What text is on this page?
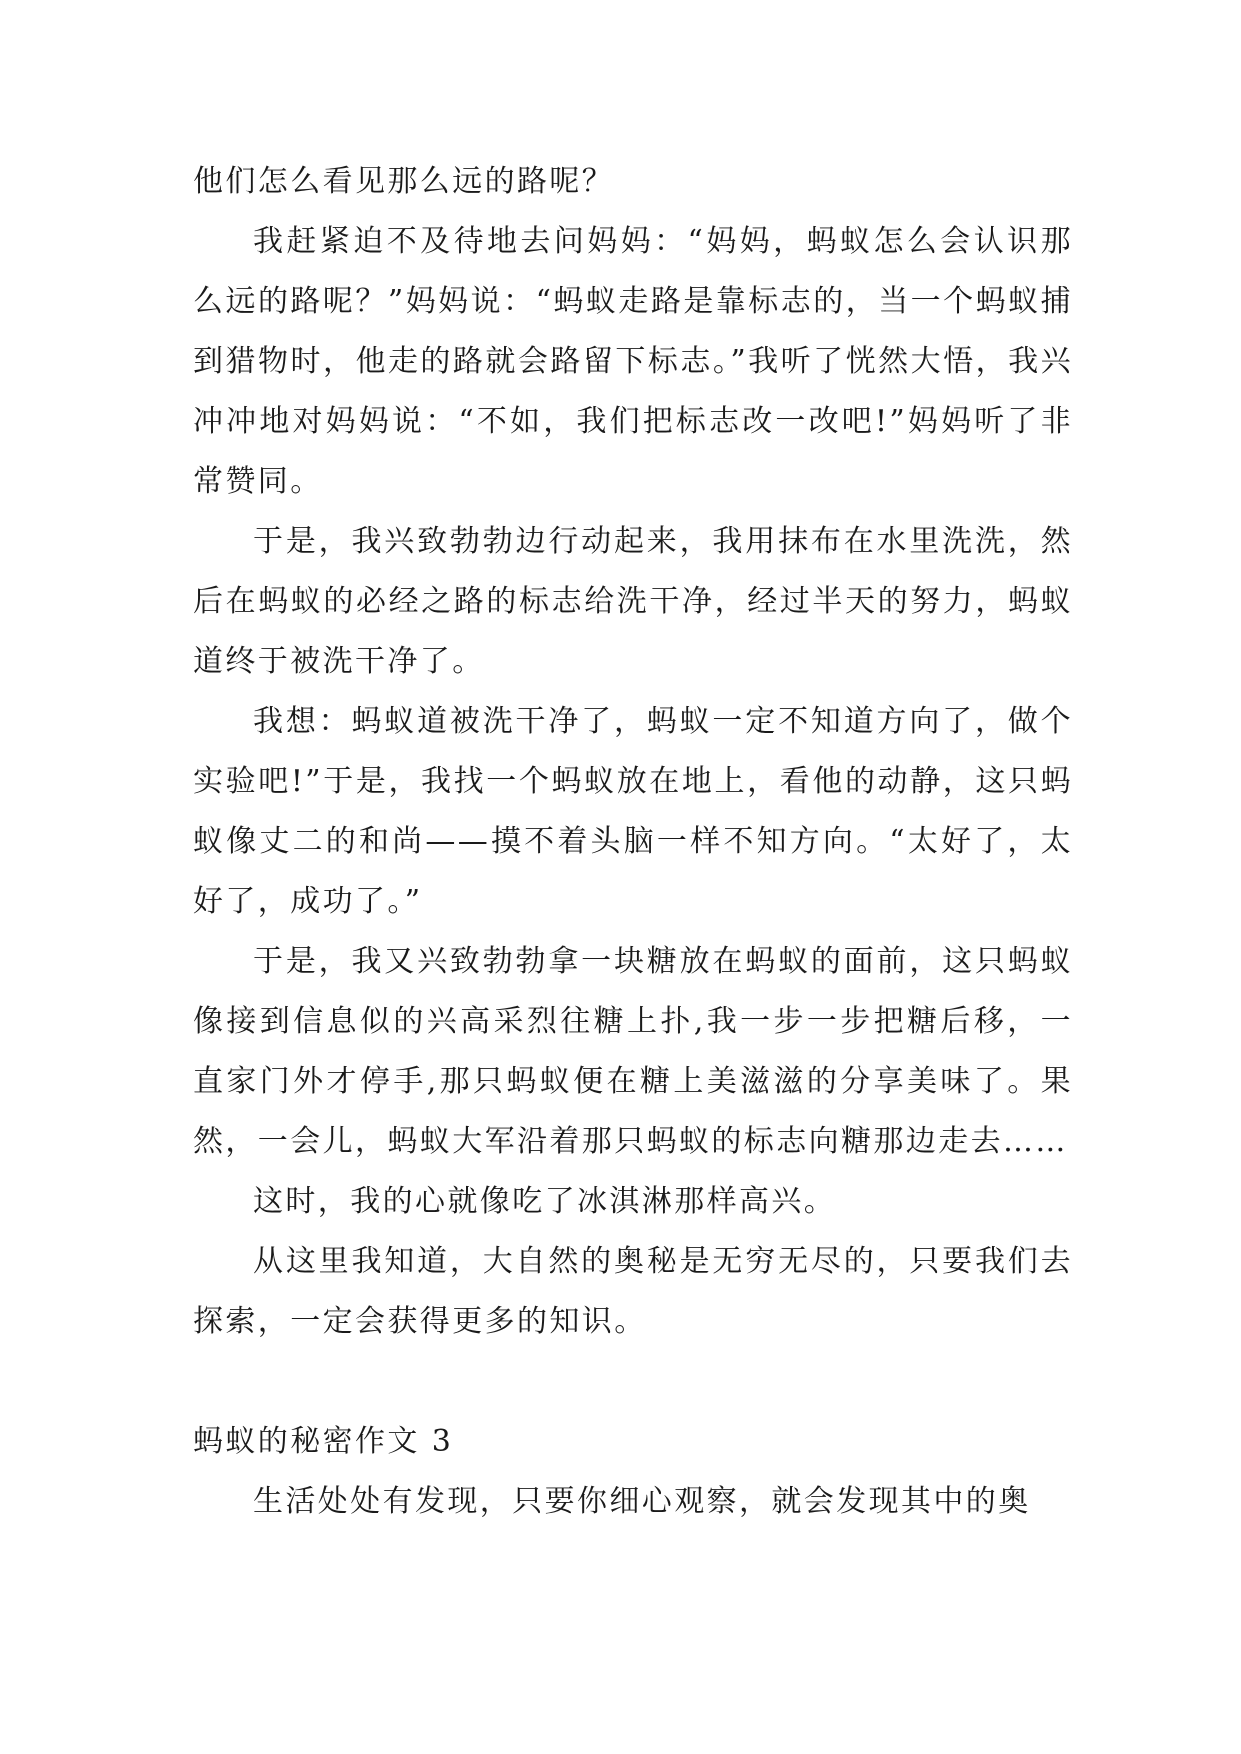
他们怎么看见那么远的路呢？

我赶紧迫不及待地去问妈妈：“妈妈，蚂蚁怎么会认识那么远的路呢？”妈妈说：“蚂蚁走路是靠标志的，当一个蚂蚁捕到猎物时，他走的路就会路留下标志。”我听了恍然大悟，我兴冲冲地对妈妈说：“不如，我们把标志改一改吧!”妈妈听了非常赞同。

于是，我兴致勃勃边行动起来，我用抹布在水里洗洗，然后在蚂蚁的必经之路的标志给洗干净，经过半天的努力，蚂蚁道终于被洗干净了。

我想：蚂蚁道被洗干净了，蚂蚁一定不知道方向了，做个实验吧!”于是，我找一个蚂蚁放在地上，看他的动静，这只蚂蚁像丈二的和尚——摸不着头脑一样不知方向。“太好了，太好了，成功了。”

于是，我又兴致勃勃拿一块糖放在蚂蚁的面前，这只蚂蚁像接到信息似的兴高采烈往糖上扑,我一步一步把糖后移，一直家门外才停手,那只蚂蚁便在糖上美滋滋的分享美味了。果然，一会儿，蚂蚁大军沿着那只蚂蚁的标志向糖那边走去……

这时，我的心就像吃了冰淇淋那样高兴。

从这里我知道，大自然的奥秘是无穷无尽的，只要我们去探索，一定会获得更多的知识。

蚂蚁的秘密作文 3

生活处处有发现，只要你细心观察，就会发现其中的奥
